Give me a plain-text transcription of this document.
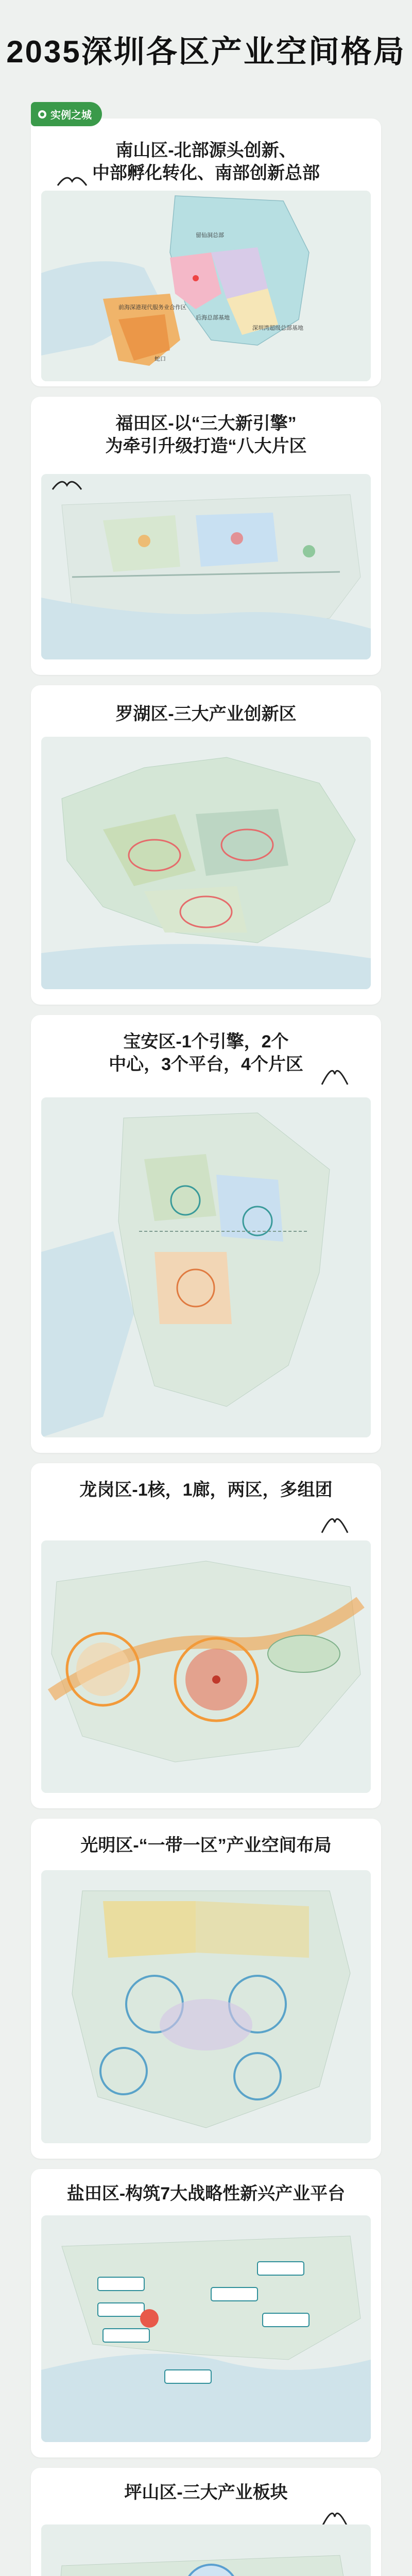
2035深圳各区产业空间格局
实例之城
南山区-北部源头创新、
中部孵化转化、南部创新总部
前海深港现代服务业合作区
留仙洞总部
后海总部基地
深圳湾超级总部基地
蛇口
福田区-以“三大新引擎”
为牵引升级打造“八大片区
罗湖区-三大产业创新区
宝安区-1个引擎，2个
中心，3个平台，4个片区
龙岗区-1核，1廊，两区，多组团
光明区-“一带一区”产业空间布局
盐田区-构筑7大战略性新兴产业平台
坪山区-三大产业板块
